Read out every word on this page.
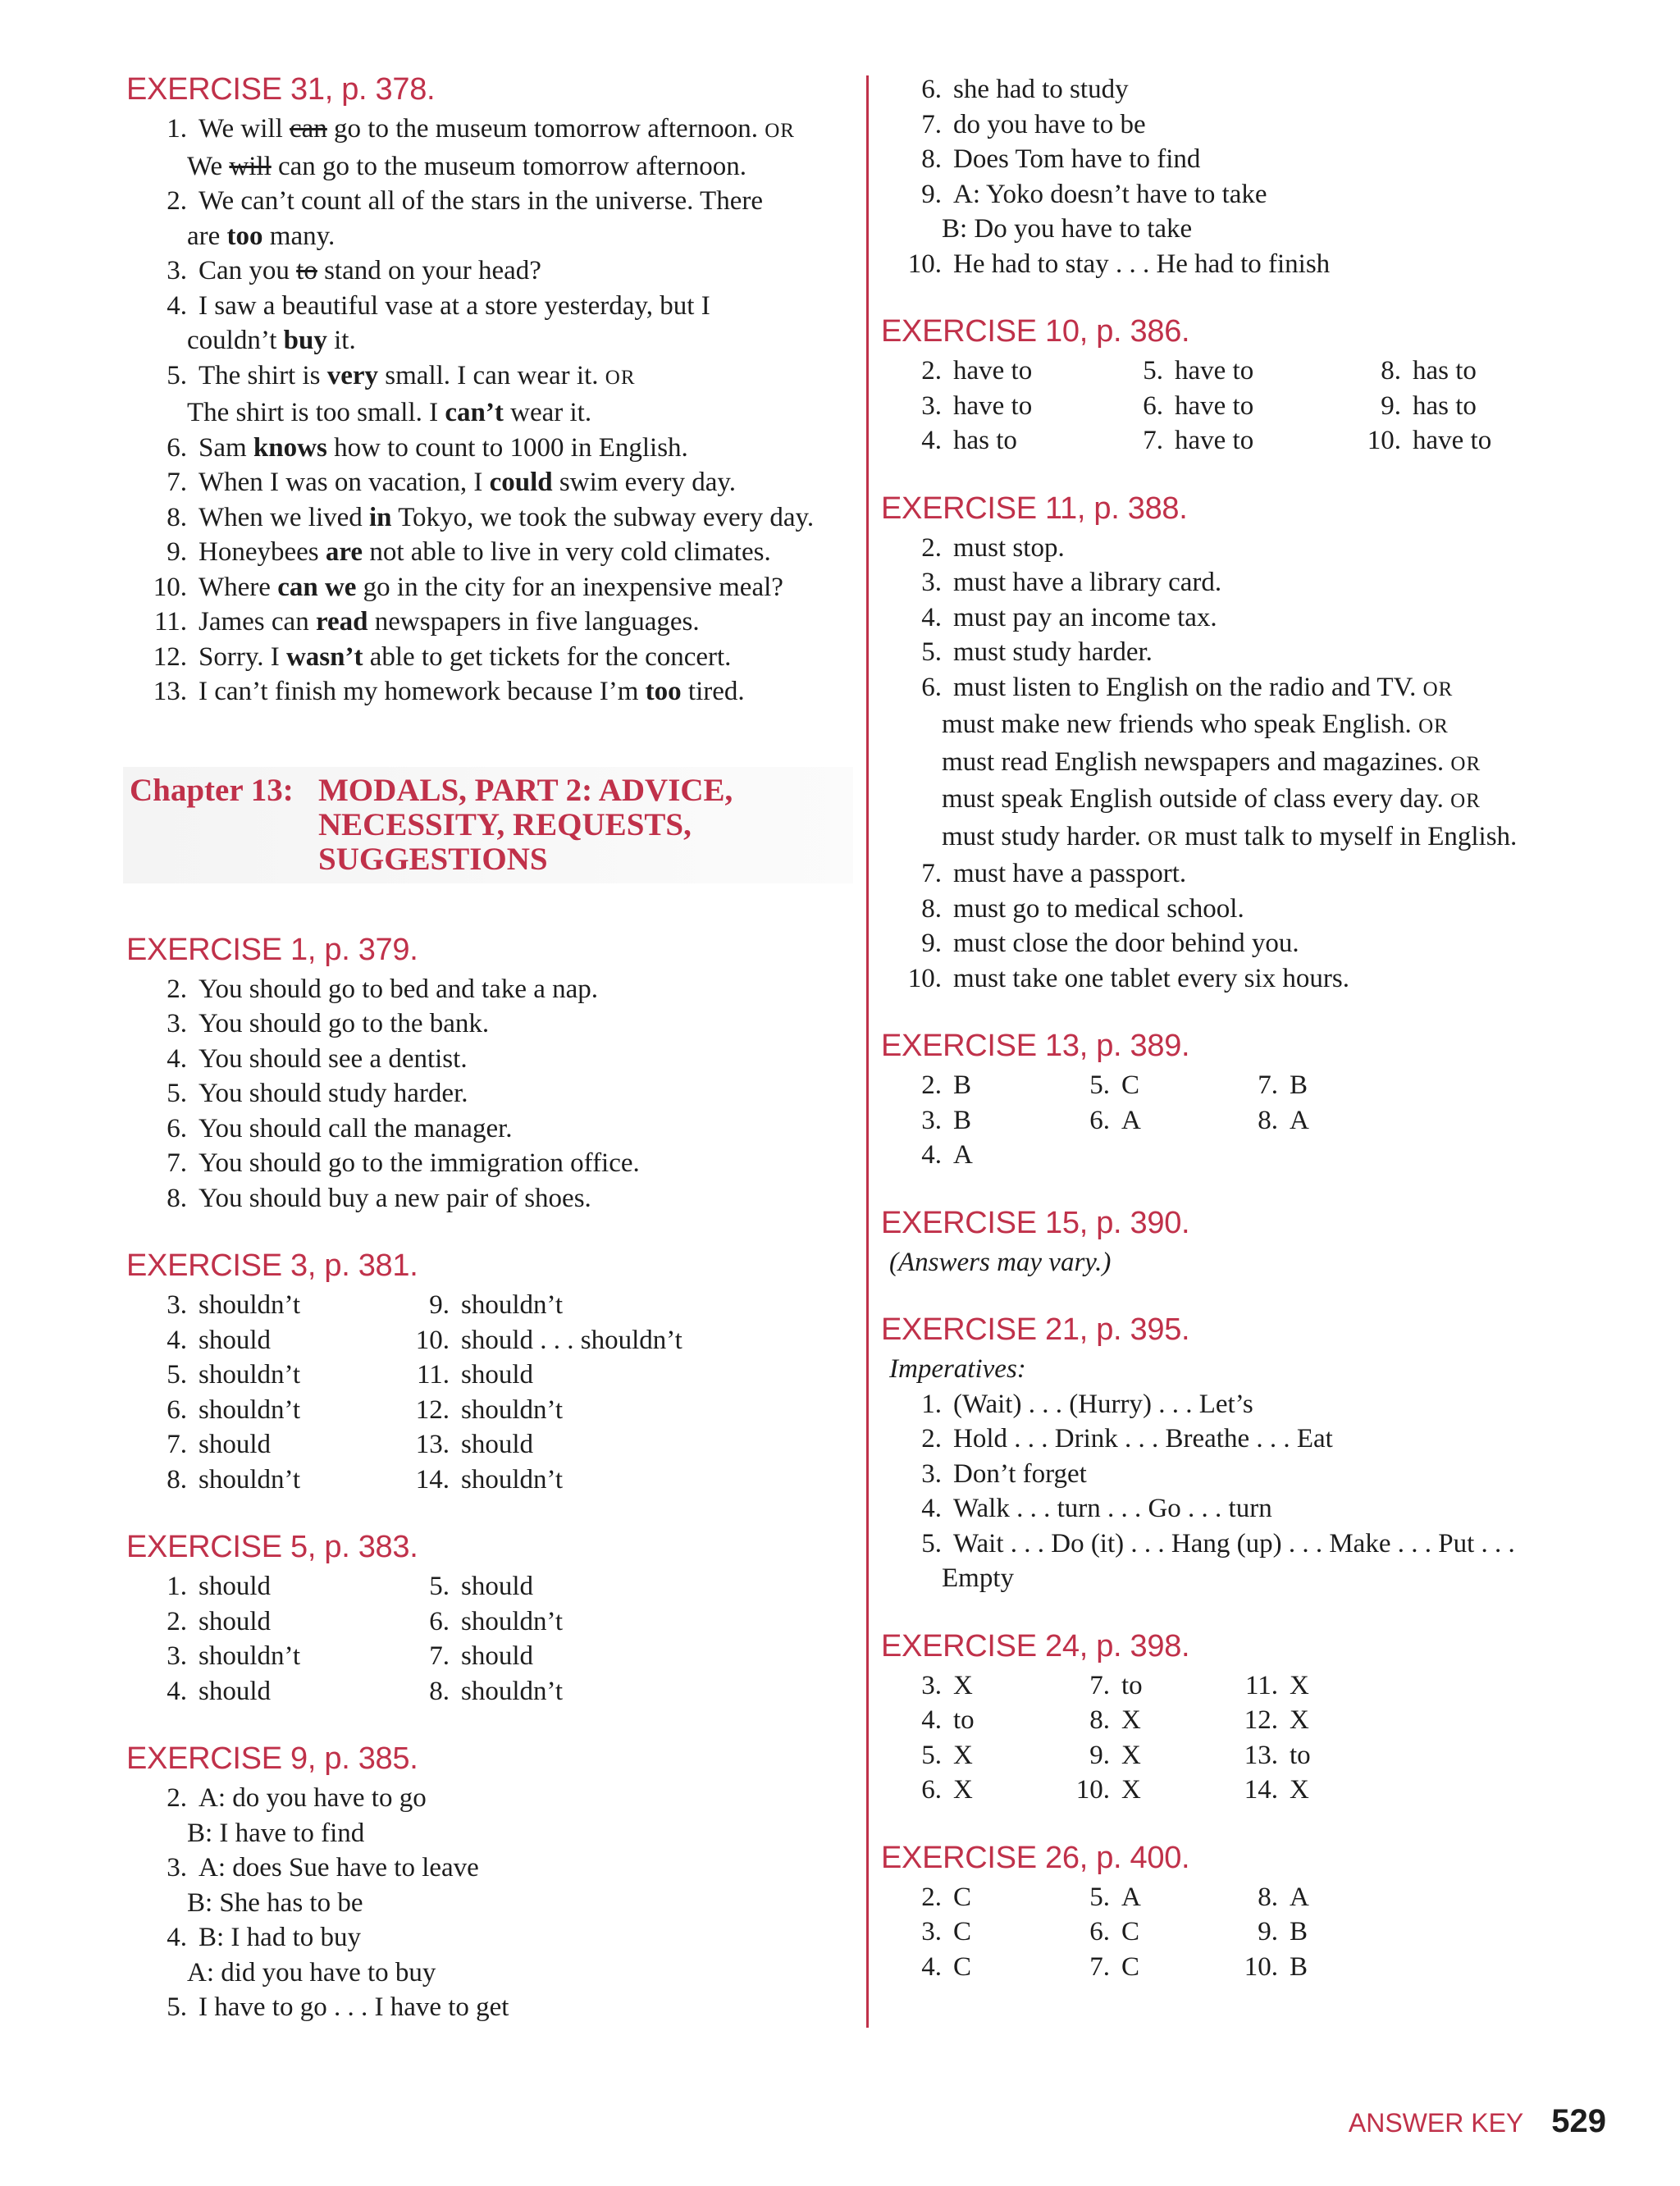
EXERCISE 31, p. 378.
1. We will can go to the museum tomorrow afternoon. OR
We will can go to the museum tomorrow afternoon.
2. We can’t count all of the stars in the universe. There
are too many.
3. Can you to stand on your head?
4. I saw a beautiful vase at a store yesterday, but I
couldn’t buy it.
5. The shirt is very small. I can wear it. OR
The shirt is too small. I can’t wear it.
6. Sam knows how to count to 1000 in English.
7. When I was on vacation, I could swim every day.
8. When we lived in Tokyo, we took the subway every day.
9. Honeybees are not able to live in very cold climates.
10. Where can we go in the city for an inexpensive meal?
11. James can read newspapers in five languages.
12. Sorry. I wasn’t able to get tickets for the concert.
13. I can’t finish my homework because I’m too tired.
Chapter 13: MODALS, PART 2: ADVICE, NECESSITY, REQUESTS, SUGGESTIONS
EXERCISE 1, p. 379.
2. You should go to bed and take a nap.
3. You should go to the bank.
4. You should see a dentist.
5. You should study harder.
6. You should call the manager.
7. You should go to the immigration office.
8. You should buy a new pair of shoes.
EXERCISE 3, p. 381.
3. shouldn’t	9. shouldn’t
4. should	10. should . . . shouldn’t
5. shouldn’t	11. should
6. shouldn’t	12. shouldn’t
7. should	13. should
8. shouldn’t	14. shouldn’t
EXERCISE 5, p. 383.
1. should	5. should
2. should	6. shouldn’t
3. shouldn’t	7. should
4. should	8. shouldn’t
EXERCISE 9, p. 385.
2. A: do you have to go
B: I have to find
3. A: does Sue have to leave
B: She has to be
4. B: I had to buy
A: did you have to buy
5. I have to go . . . I have to get
6. she had to study
7. do you have to be
8. Does Tom have to find
9. A: Yoko doesn’t have to take
B: Do you have to take
10. He had to stay . . . He had to finish
EXERCISE 10, p. 386.
2. have to	5. have to	8. has to
3. have to	6. have to	9. has to
4. has to	7. have to	10. have to
EXERCISE 11, p. 388.
2. must stop.
3. must have a library card.
4. must pay an income tax.
5. must study harder.
6. must listen to English on the radio and TV. OR
must make new friends who speak English. OR
must read English newspapers and magazines. OR
must speak English outside of class every day. OR
must study harder. OR must talk to myself in English.
7. must have a passport.
8. must go to medical school.
9. must close the door behind you.
10. must take one tablet every six hours.
EXERCISE 13, p. 389.
2. B	5. C	7. B
3. B	6. A	8. A
4. A
EXERCISE 15, p. 390.
(Answers may vary.)
EXERCISE 21, p. 395.
Imperatives:
1. (Wait) . . . (Hurry) . . . Let’s
2. Hold . . . Drink . . . Breathe . . . Eat
3. Don’t forget
4. Walk . . . turn . . . Go . . . turn
5. Wait . . . Do (it) . . . Hang (up) . . . Make . . . Put . . .
Empty
EXERCISE 24, p. 398.
3. X	7. to	11. X
4. to	8. X	12. X
5. X	9. X	13. to
6. X	10. X	14. X
EXERCISE 26, p. 400.
2. C	5. A	8. A
3. C	6. C	9. B
4. C	7. C	10. B
ANSWER KEY 529
